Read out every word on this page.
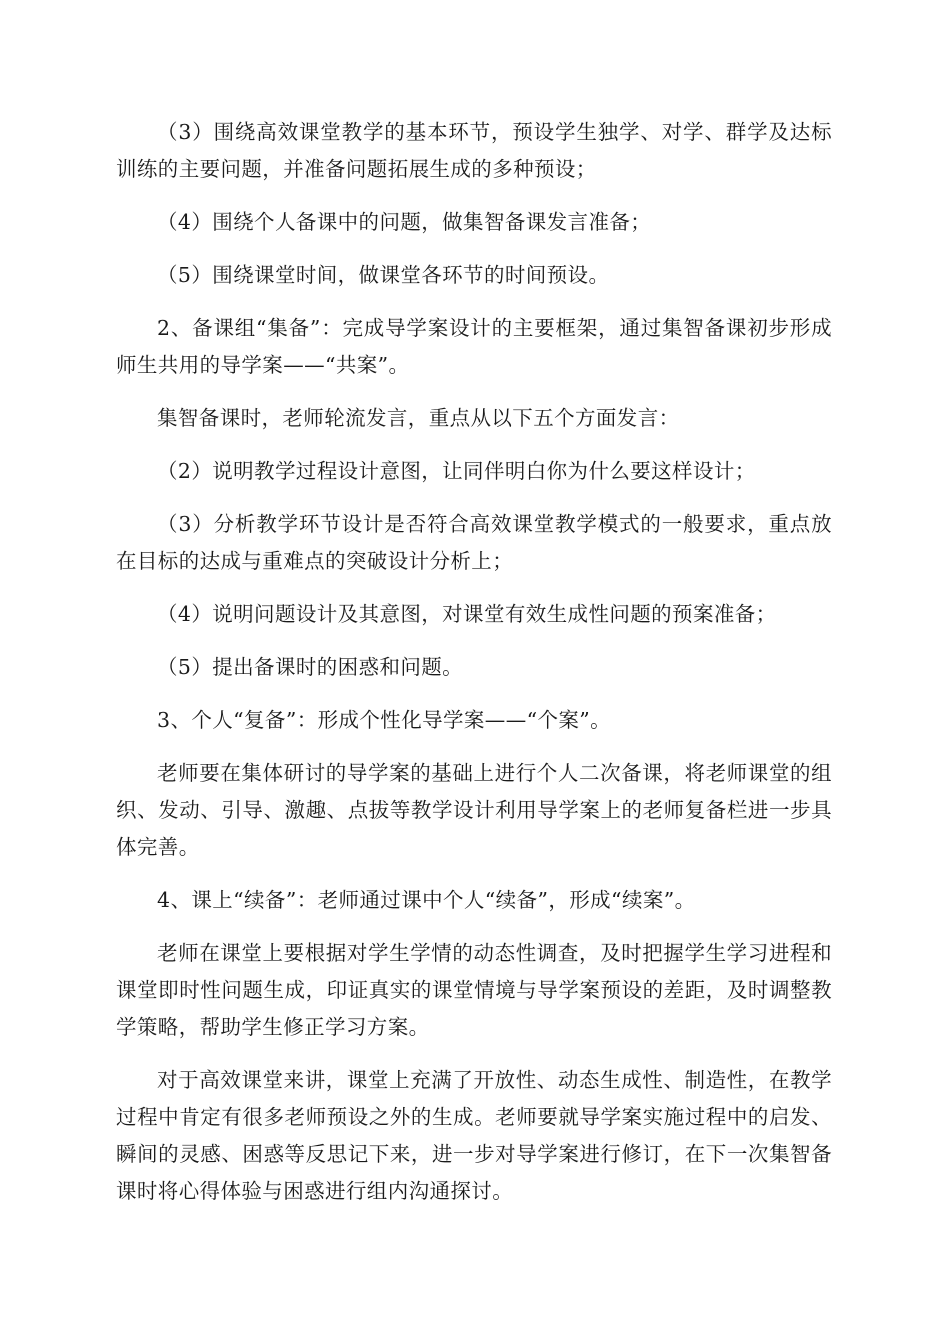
（3）围绕高效课堂教学的基本环节，预设学生独学、对学、群学及达标训练的主要问题，并准备问题拓展生成的多种预设；

（4）围绕个人备课中的问题，做集智备课发言准备；

（5）围绕课堂时间，做课堂各环节的时间预设。

2、备课组“集备”：完成导学案设计的主要框架，通过集智备课初步形成师生共用的导学案——“共案”。

集智备课时，老师轮流发言，重点从以下五个方面发言：

（2）说明教学过程设计意图，让同伴明白你为什么要这样设计；

（3）分析教学环节设计是否符合高效课堂教学模式的一般要求，重点放在目标的达成与重难点的突破设计分析上；

（4）说明问题设计及其意图，对课堂有效生成性问题的预案准备；

（5）提出备课时的困惑和问题。

3、个人“复备”：形成个性化导学案——“个案”。

老师要在集体研讨的导学案的基础上进行个人二次备课，将老师课堂的组织、发动、引导、激趣、点拔等教学设计利用导学案上的老师复备栏进一步具体完善。

4、课上“续备”：老师通过课中个人“续备”，形成“续案”。

老师在课堂上要根据对学生学情的动态性调查，及时把握学生学习进程和课堂即时性问题生成，印证真实的课堂情境与导学案预设的差距，及时调整教学策略，帮助学生修正学习方案。

对于高效课堂来讲，课堂上充满了开放性、动态生成性、制造性，在教学过程中肯定有很多老师预设之外的生成。老师要就导学案实施过程中的启发、瞬间的灵感、困惑等反思记下来，进一步对导学案进行修订，在下一次集智备课时将心得体验与困惑进行组内沟通探讨。
